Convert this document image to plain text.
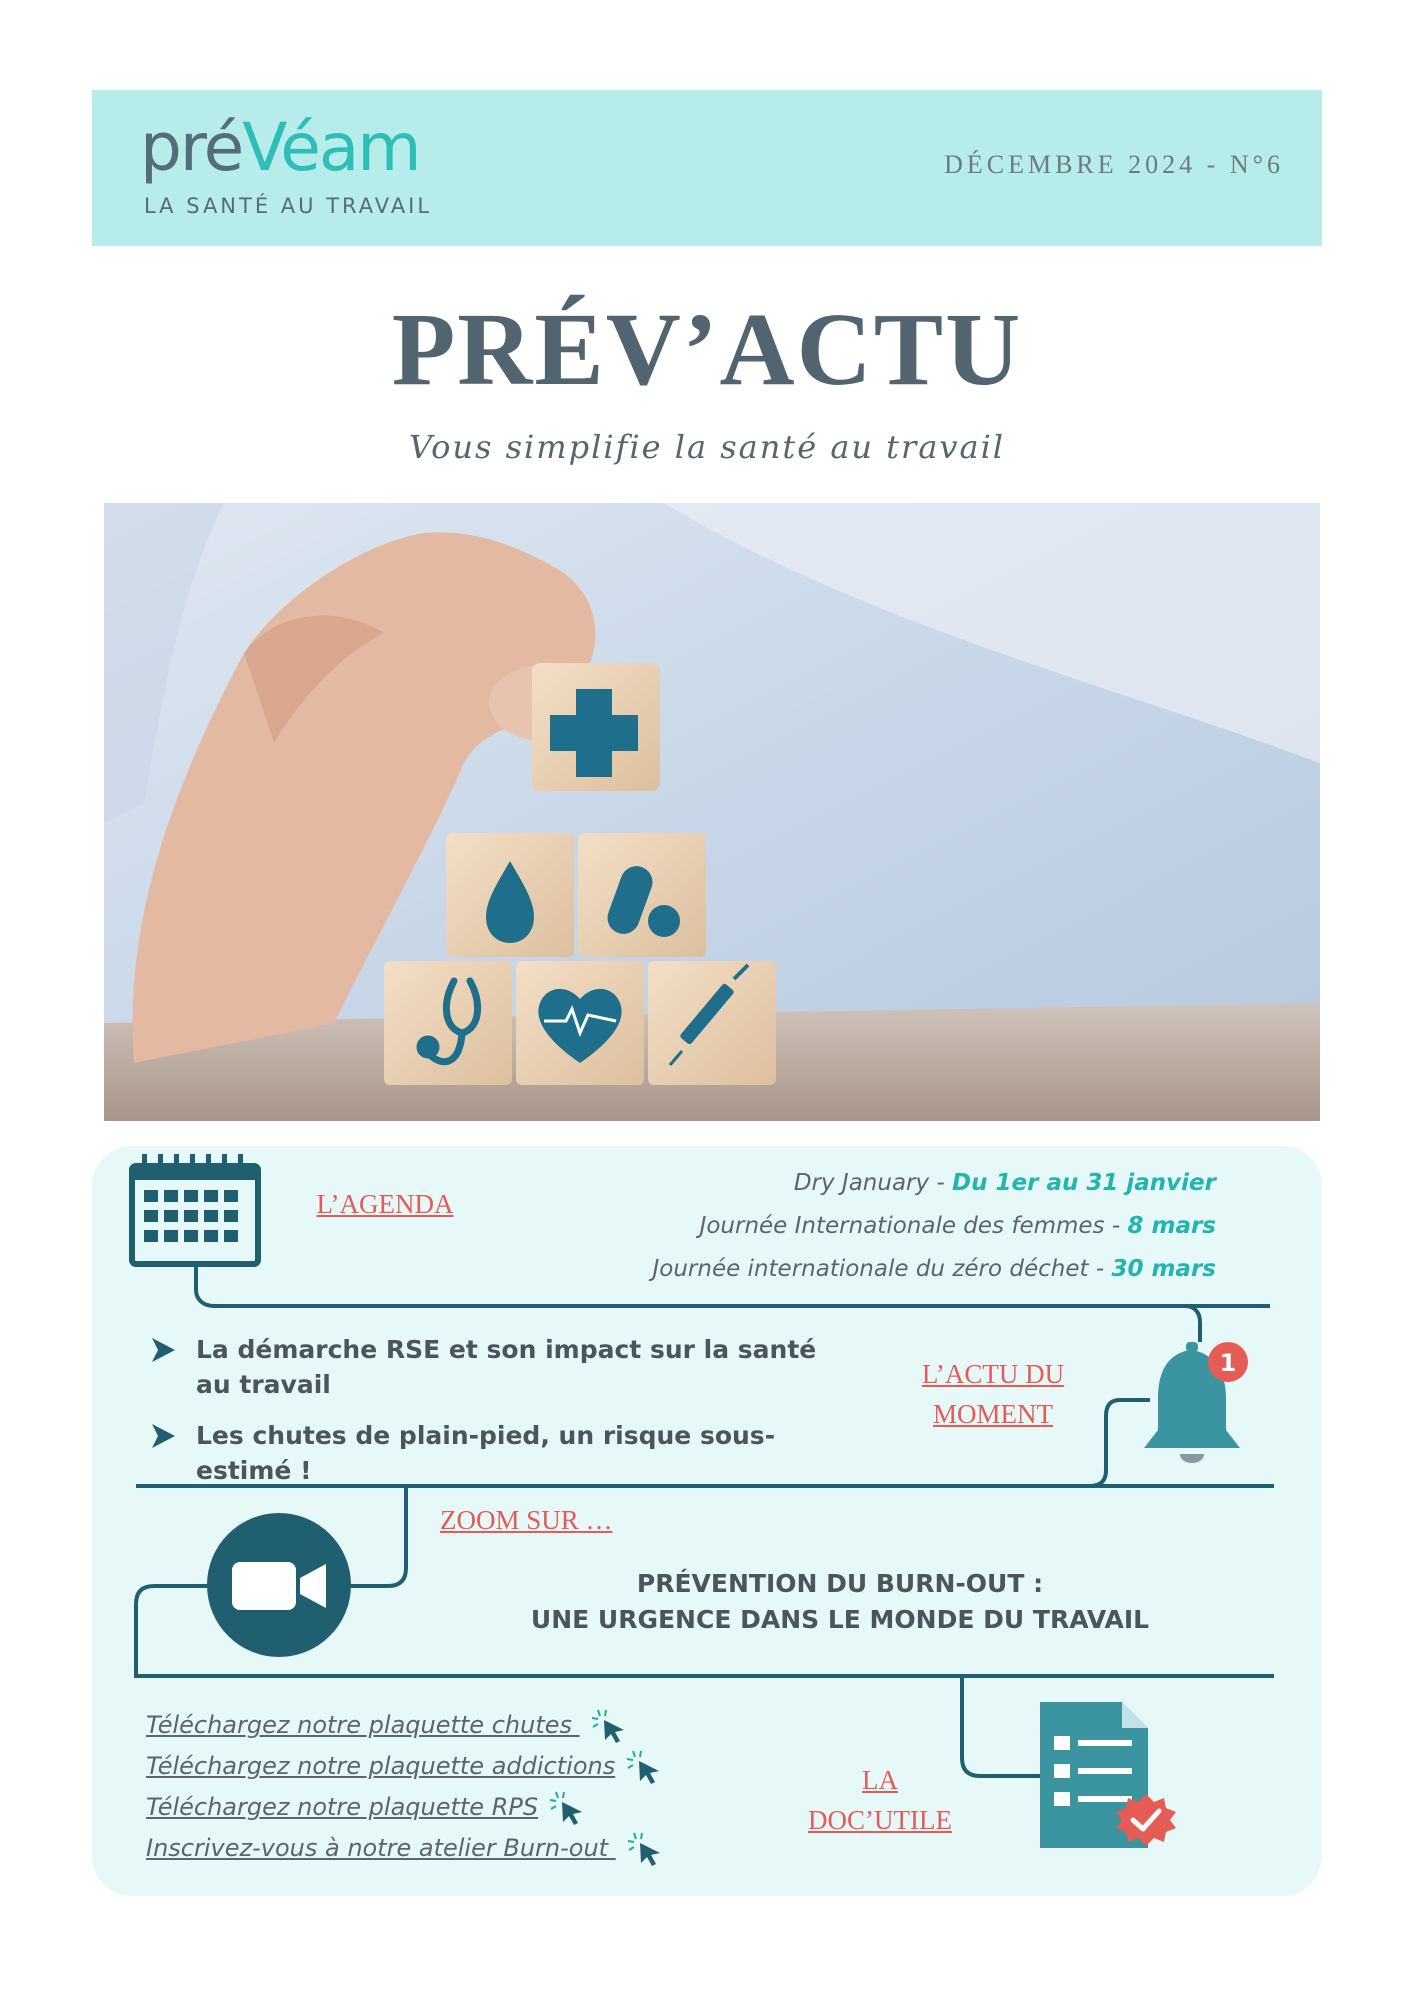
préVéam
LA SANTÉ AU TRAVAIL
DÉCEMBRE 2024 - N°6
PRÉV’ACTU
Vous simplifie la santé au travail
L’AGENDA
Dry January - Du 1er au 31 janvier
Journée Internationale des femmes - 8 mars
Journée internationale du zéro déchet - 30 mars
La démarche RSE et son impact sur la santé au travail
Les chutes de plain-pied, un risque sous-estimé !
L’ACTU DU
MOMENT
1
ZOOM SUR …
PRÉVENTION DU BURN-OUT :
UNE URGENCE DANS LE MONDE DU TRAVAIL
Téléchargez notre plaquette chutes
Téléchargez notre plaquette addictions
Téléchargez notre plaquette RPS
Inscrivez-vous à notre atelier Burn-out
LA
DOC’UTILE
